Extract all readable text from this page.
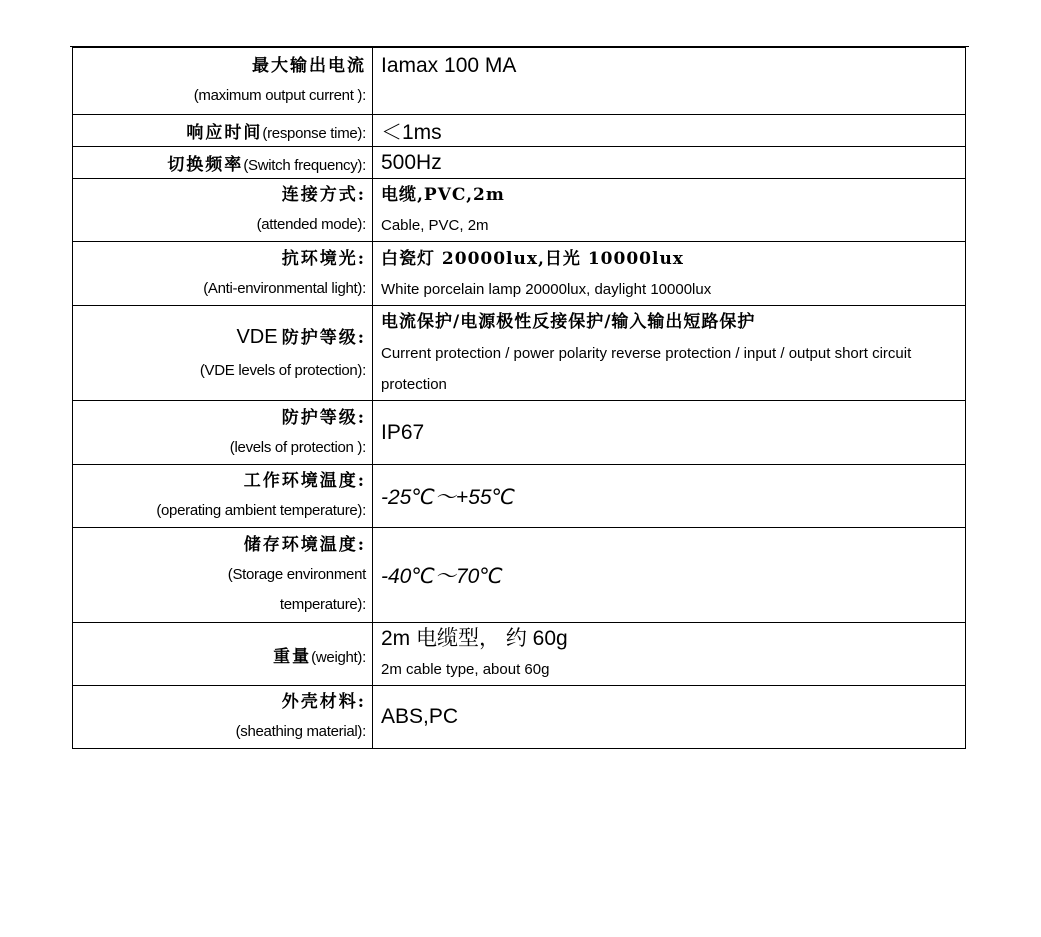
最大输出电流
(maximum output current ):	Iamax 100 MA

响应时间(response time):	＜1ms
切换频率(Switch frequency):	500Hz

连接方式:
(attended mode):	电缆,PVC,2m
Cable, PVC, 2m

抗环境光:
(Anti-environmental light):	白瓷灯 20000lux,日光 10000lux
White porcelain lamp 20000lux, daylight 10000lux

VDE 防护等级:
(VDE levels of protection):	电流保护/电源极性反接保护/输入输出短路保护
Current protection / power polarity reverse protection / input / output short circuit protection

防护等级:
(levels of protection ):	IP67

工作环境温度:
(operating ambient temperature):	-25℃～+55℃

储存环境温度:
(Storage environment
temperature):	-40℃～70℃
重量(weight):	2m 电缆型， 约 60g
2m cable type, about 60g

外壳材料:
(sheathing material):	ABS,PC
